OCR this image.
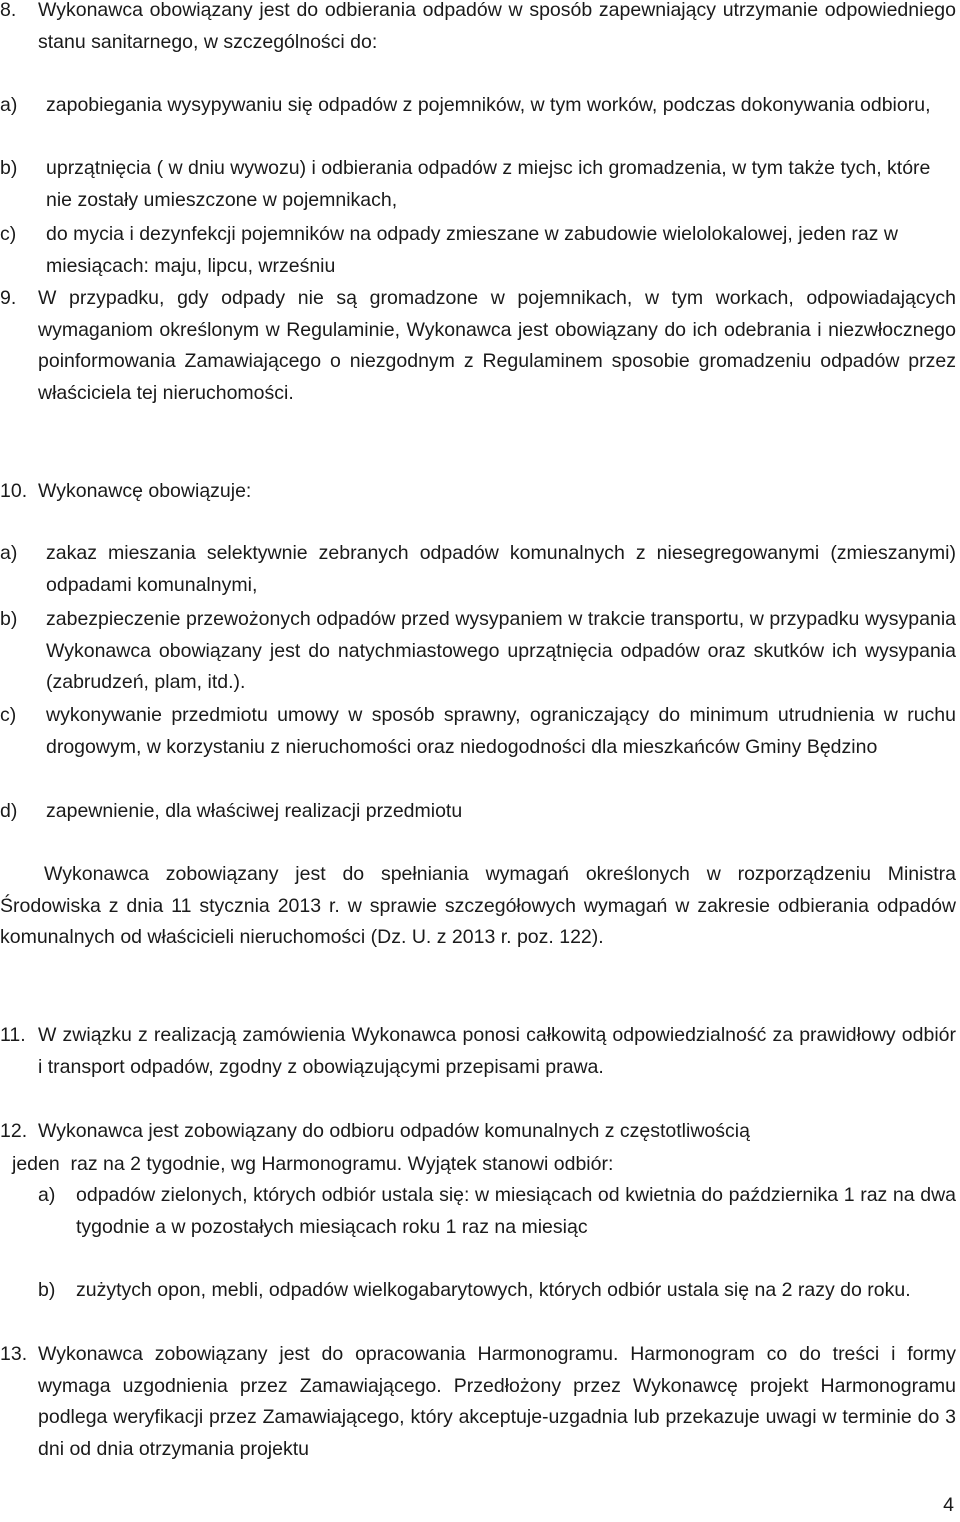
8.	Wykonawca obowiązany jest do odbierania odpadów w sposób zapewniający utrzymanie odpowiedniego stanu sanitarnego, w szczególności do:
a)	zapobiegania wysypywaniu się odpadów z pojemników, w tym worków, podczas dokonywania odbioru,
b)	uprzątnięcia ( w dniu wywozu) i odbierania odpadów z miejsc ich gromadzenia, w tym także tych, które nie zostały umieszczone w pojemnikach,
c)	do mycia i dezynfekcji pojemników na odpady zmieszane w zabudowie wielolokalowej, jeden raz w miesiącach: maju, lipcu, wrześniu
9.	W przypadku, gdy odpady nie są gromadzone w pojemnikach, w tym workach, odpowiadających wymaganiom określonym w Regulaminie, Wykonawca jest obowiązany do ich odebrania i niezwłocznego poinformowania Zamawiającego o niezgodnym z Regulaminem sposobie gromadzeniu odpadów przez właściciela tej nieruchomości.
10. Wykonawcę obowiązuje:
a)	zakaz mieszania selektywnie zebranych odpadów komunalnych z niesegregowanymi (zmieszanymi) odpadami komunalnymi,
b)	zabezpieczenie przewożonych odpadów przed wysypaniem w trakcie transportu, w przypadku wysypania Wykonawca obowiązany jest do natychmiastowego uprzątnięcia odpadów oraz skutków ich wysypania (zabrudzeń, plam, itd.).
c)	wykonywanie przedmiotu umowy w sposób sprawny, ograniczający do minimum utrudnienia w ruchu drogowym, w korzystaniu z nieruchomości oraz niedogodności dla mieszkańców Gminy Będzino
d)	zapewnienie, dla właściwej realizacji przedmiotu

Wykonawca zobowiązany jest do spełniania wymagań określonych w rozporządzeniu Ministra Środowiska z dnia 11 stycznia 2013 r. w sprawie szczegółowych wymagań w zakresie odbierania odpadów komunalnych od właścicieli nieruchomości (Dz. U. z 2013 r. poz. 122).

11. W związku z realizacją zamówienia Wykonawca ponosi całkowitą odpowiedzialność za prawidłowy odbiór i transport odpadów, zgodny z obowiązującymi przepisami prawa.
12. Wykonawca jest zobowiązany do odbioru odpadów komunalnych z częstotliwością

jeden  raz na 2 tygodnie, wg Harmonogramu. Wyjątek stanowi odbiór:

a)	odpadów zielonych, których odbiór ustala się: w miesiącach od kwietnia do października 1 raz na dwa tygodnie a w pozostałych miesiącach roku 1 raz na miesiąc
b)	zużytych opon, mebli, odpadów wielkogabarytowych, których odbiór ustala się na 2 razy do roku.
13. Wykonawca zobowiązany jest do opracowania Harmonogramu. Harmonogram co do treści i formy wymaga uzgodnienia przez Zamawiającego. Przedłożony przez Wykonawcę projekt Harmonogramu podlega weryfikacji przez Zamawiającego, który akceptuje-uzgadnia lub przekazuje uwagi w terminie do 3 dni od dnia otrzymania projektu
4
